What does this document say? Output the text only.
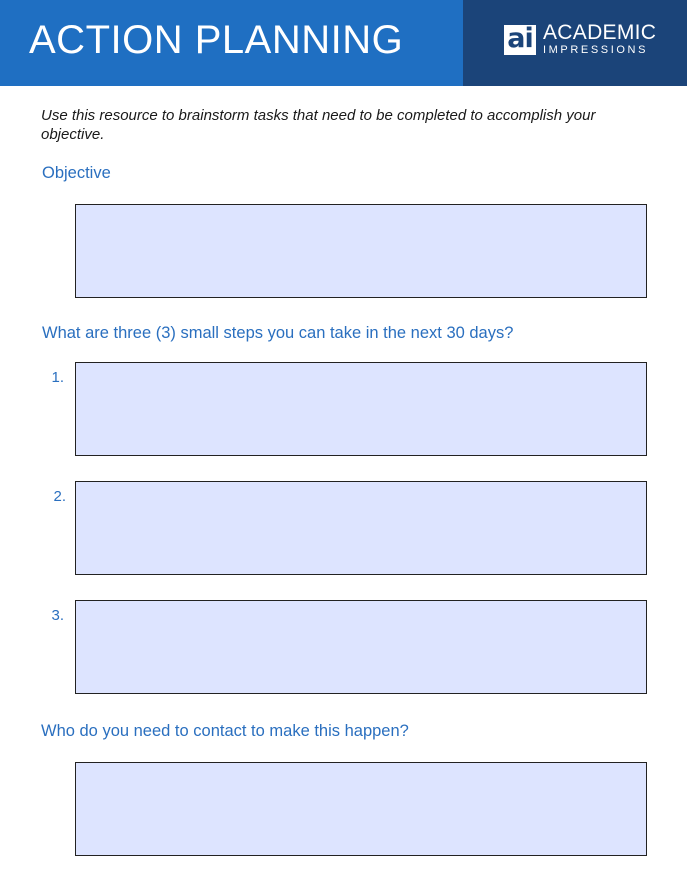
ACTION PLANNING	ai ACADEMIC
IMPRESSIONS
Use this resource to brainstorm tasks that need to be completed to accomplish your objective.
Objective
What are three (3) small steps you can take in the next 30 days?
1.
2.
3.
Who do you need to contact to make this happen?
